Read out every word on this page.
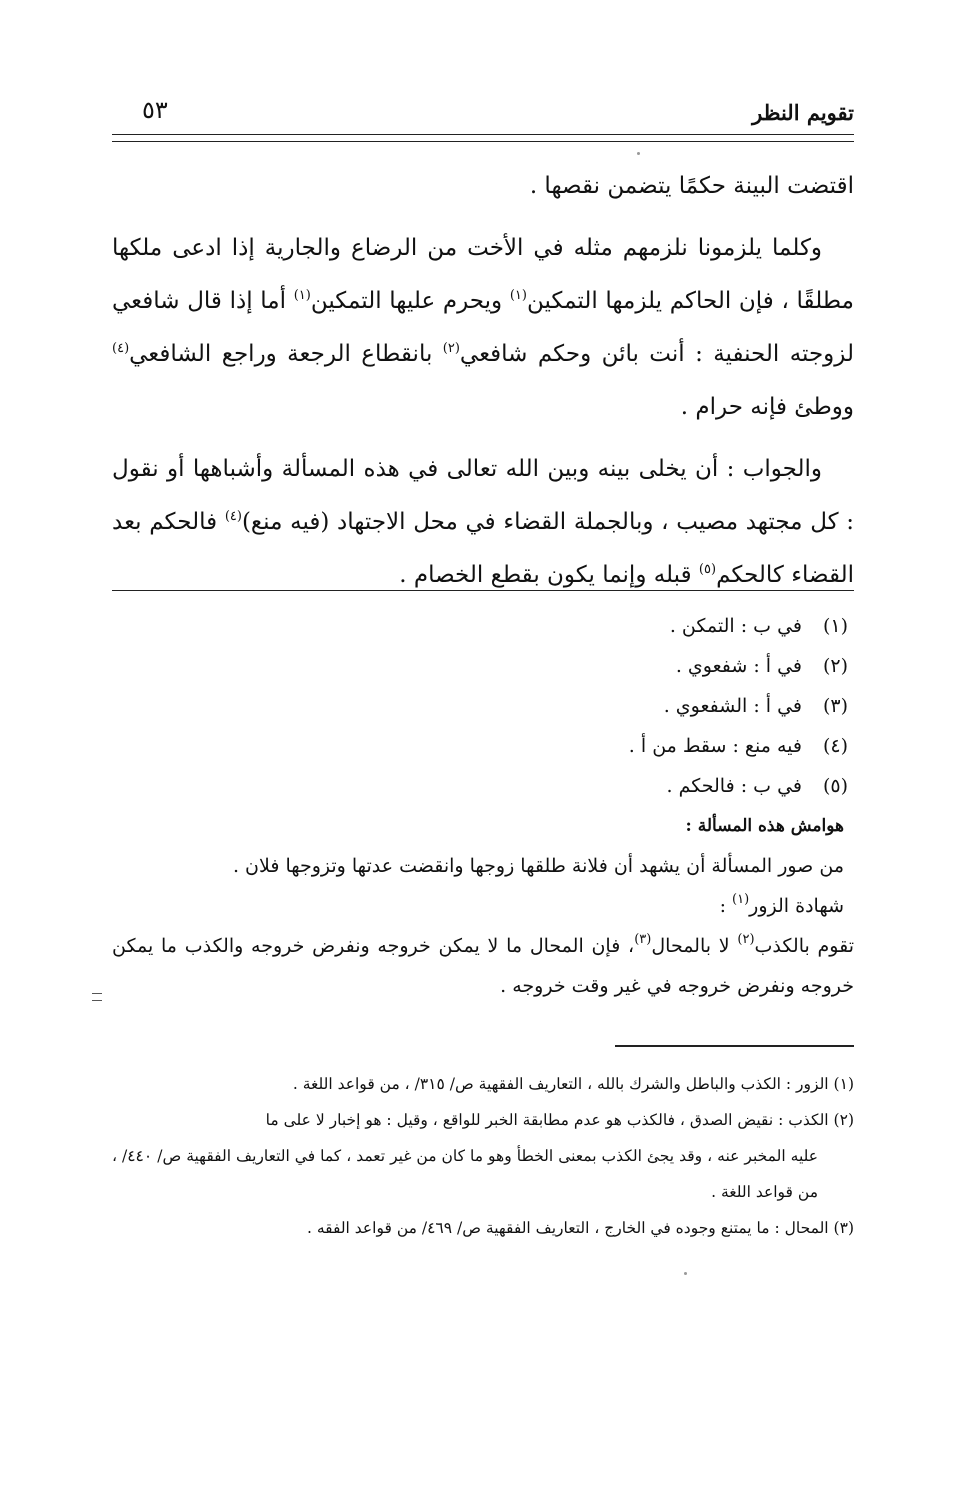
تقويم النظر
٥٣

اقتضت البينة حكمًا يتضمن نقصها .

وكلما يلزمونا نلزمهم مثله في الأخت من الرضاع والجارية إذا ادعى ملكها مطلقًا ، فإن الحاكم يلزمها التمكين$^{(١)}$ ويحرم عليها التمكين$^{(١)}$ أما إذا قال شافعي لزوجته الحنفية : أنت بائن وحكم شافعي$^{(٢)}$ بانقطاع الرجعة وراجع الشافعي$^{(٤)}$ ووطئ فإنه حرام .

والجواب : أن يخلى بينه وبين الله تعالى في هذه المسألة وأشباهها أو نقول : كل مجتهد مصيب ، وبالجملة القضاء في محل الاجتهاد (فيه منع)$^{(٤)}$ فالحكم بعد القضاء كالحكم$^{(٥)}$ قبله وإنما يكون بقطع الخصام .

(١)في ب : التمكن .
(٢)في أ : شفعوي .
(٣)في أ : الشفعوي .
(٤)فيه منع : سقط من أ .
(٥)في ب : فالحكم .
هوامش هذه المسألة :
من صور المسألة أن يشهد أن فلانة طلقها زوجها وانقضت عدتها وتزوجها فلان .
شهادة الزور$^{(١)}$ :
تقوم بالكذب$^{(٢)}$ لا بالمحال$^{(٣)}$، فإن المحال ما لا يمكن خروجه ونفرض خروجه والكذب ما يمكن خروجه ونفرض خروجه في غير وقت خروجه .
(١) الزور : الكذب والباطل والشرك بالله ، التعاريف الفقهية ص/ ٣١٥/ ، من قواعد اللغة .
(٢) الكذب : نقيض الصدق ، فالكذب هو عدم مطابقة الخبر للواقع ، وقيل : هو إخبار لا على ما
عليه المخبر عنه ، وقد يجئ الكذب بمعنى الخطأ وهو ما كان من غير تعمد ، كما في التعاريف الفقهية ص/ ٤٤٠/ ، من قواعد اللغة .
(٣) المحال : ما يمتنع وجوده في الخارج ، التعاريف الفقهية ص/ ٤٦٩/ من قواعد الفقه .
